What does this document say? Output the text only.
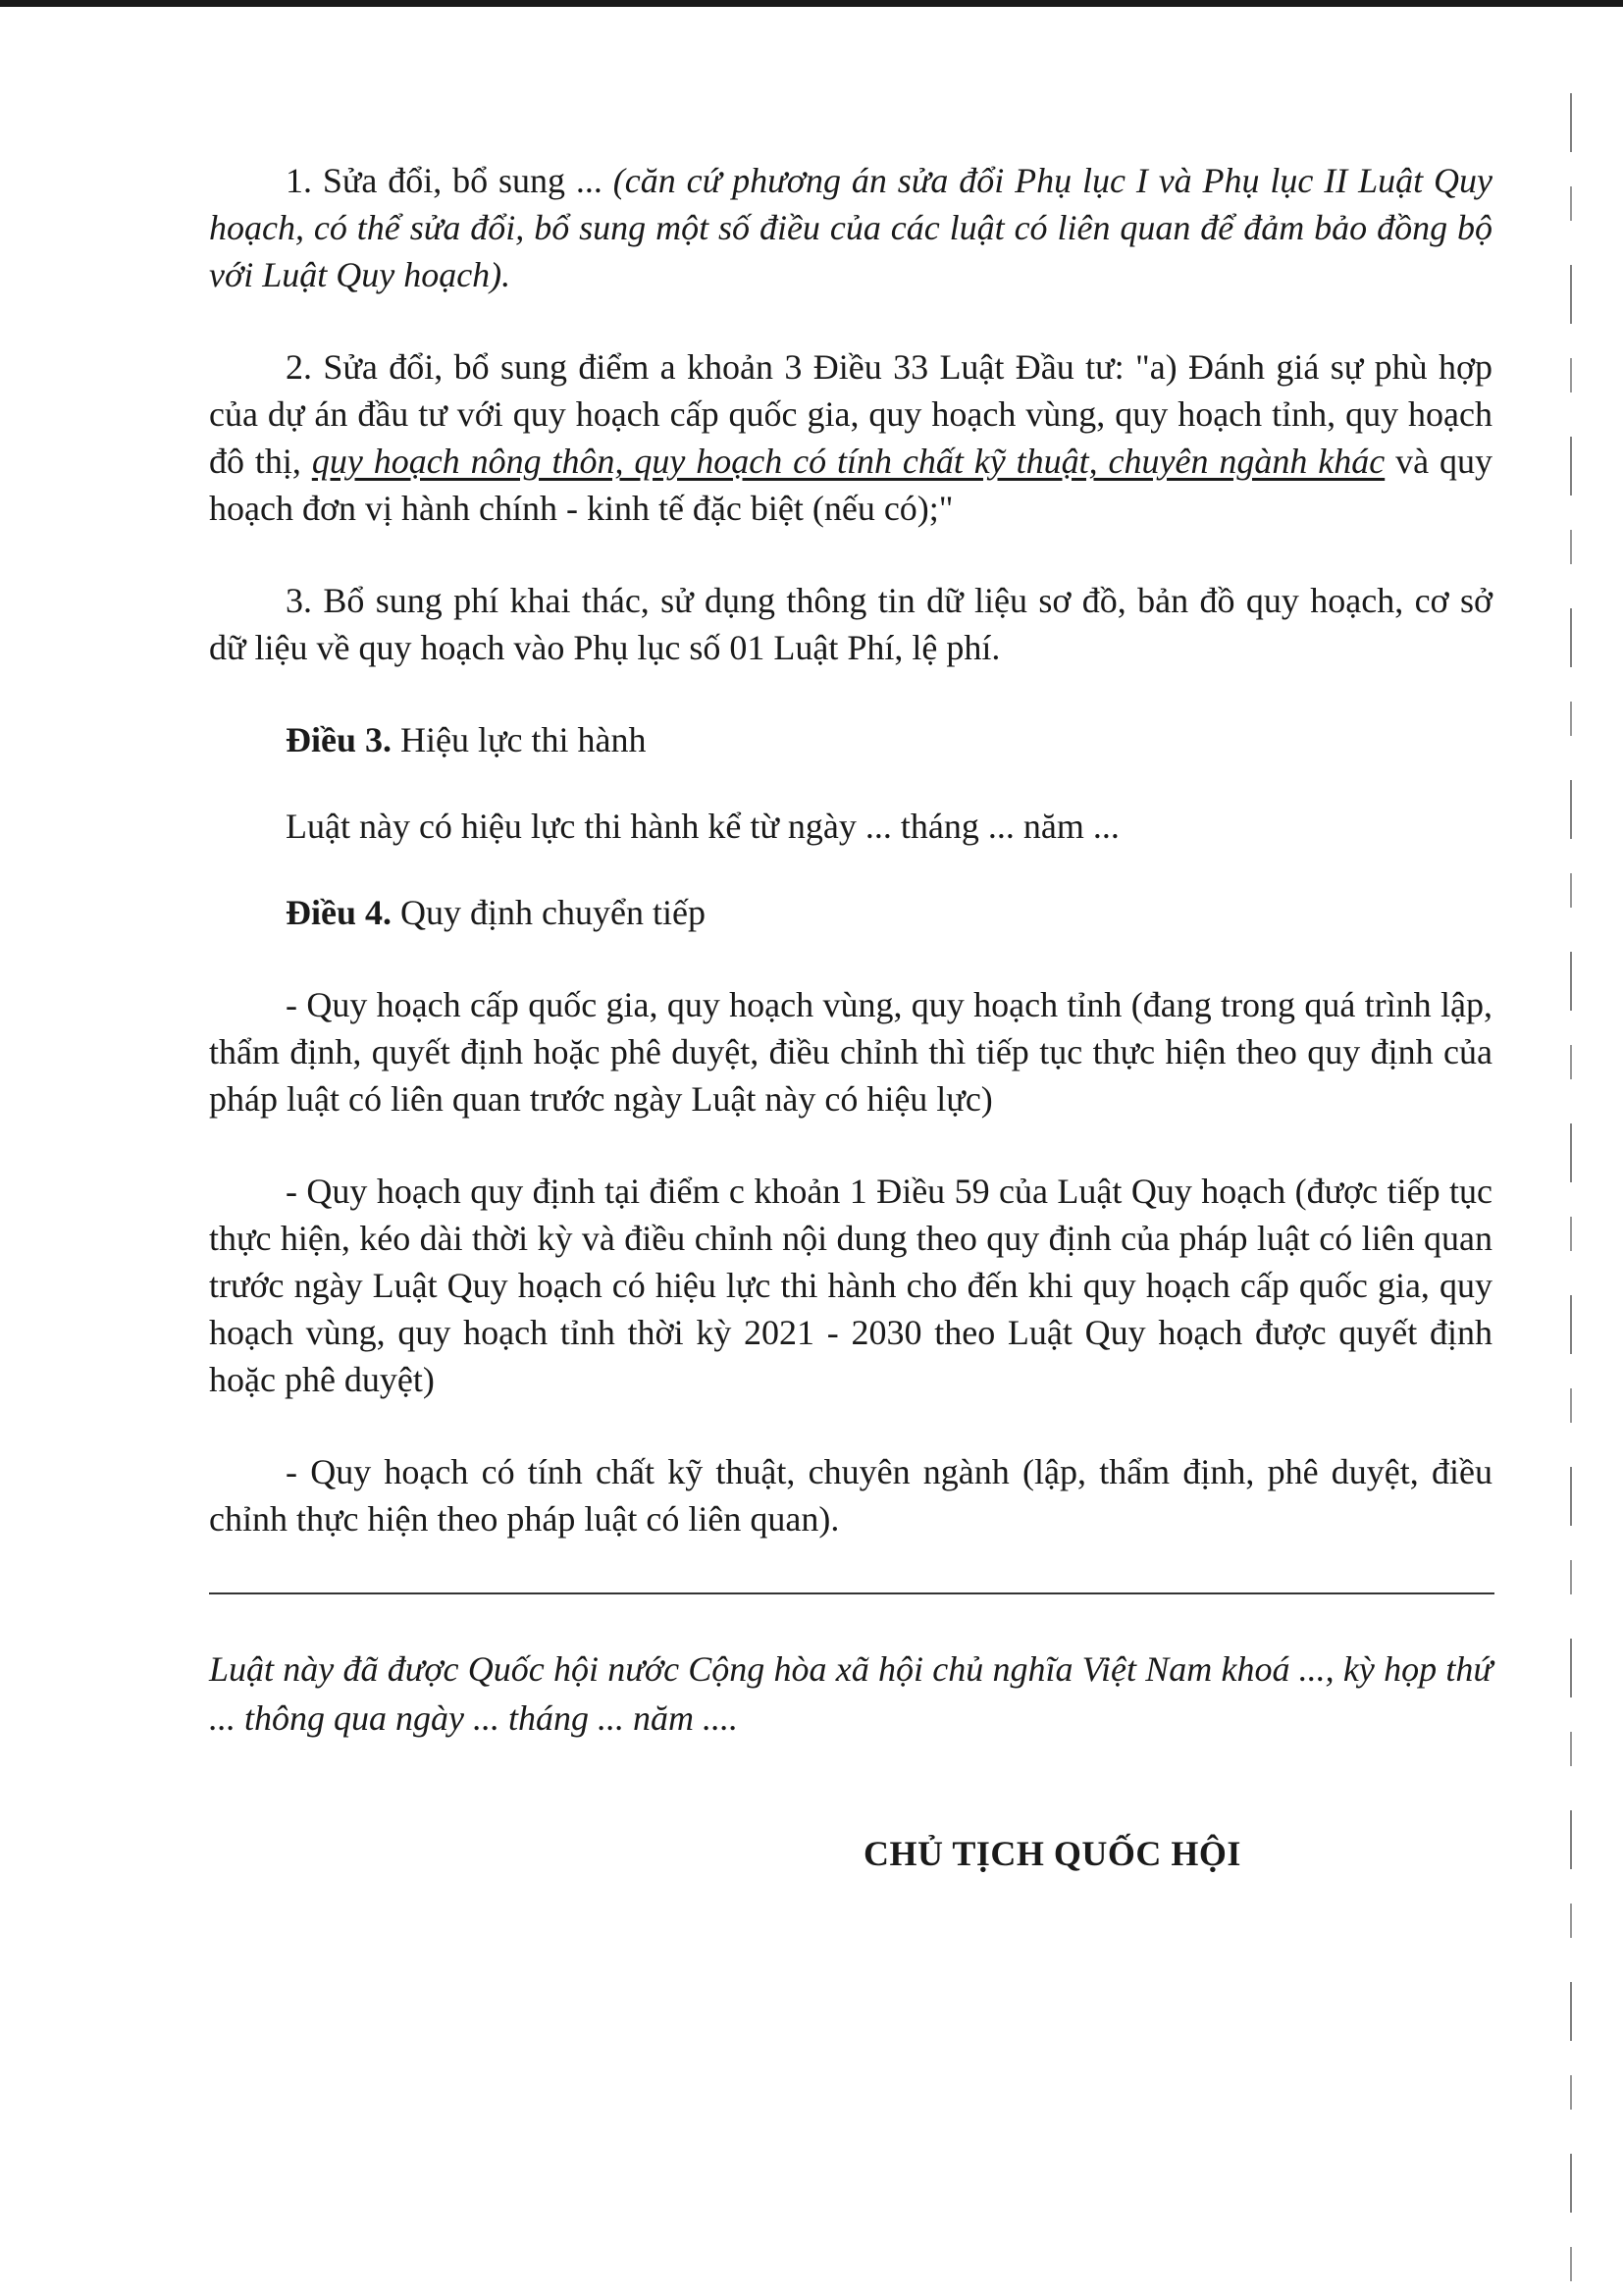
1. Sửa đổi, bổ sung ... (căn cứ phương án sửa đổi Phụ lục I và Phụ lục II Luật Quy hoạch, có thể sửa đổi, bổ sung một số điều của các luật có liên quan để đảm bảo đồng bộ với Luật Quy hoạch).

2. Sửa đổi, bổ sung điểm a khoản 3 Điều 33 Luật Đầu tư: "a) Đánh giá sự phù hợp của dự án đầu tư với quy hoạch cấp quốc gia, quy hoạch vùng, quy hoạch tỉnh, quy hoạch đô thị, quy hoạch nông thôn, quy hoạch có tính chất kỹ thuật, chuyên ngành khác và quy hoạch đơn vị hành chính - kinh tế đặc biệt (nếu có);"

3. Bổ sung phí khai thác, sử dụng thông tin dữ liệu sơ đồ, bản đồ quy hoạch, cơ sở dữ liệu về quy hoạch vào Phụ lục số 01 Luật Phí, lệ phí.

Điều 3. Hiệu lực thi hành

Luật này có hiệu lực thi hành kể từ ngày ... tháng ... năm ...

Điều 4. Quy định chuyển tiếp

- Quy hoạch cấp quốc gia, quy hoạch vùng, quy hoạch tỉnh (đang trong quá trình lập, thẩm định, quyết định hoặc phê duyệt, điều chỉnh thì tiếp tục thực hiện theo quy định của pháp luật có liên quan trước ngày Luật này có hiệu lực)

- Quy hoạch quy định tại điểm c khoản 1 Điều 59 của Luật Quy hoạch (được tiếp tục thực hiện, kéo dài thời kỳ và điều chỉnh nội dung theo quy định của pháp luật có liên quan trước ngày Luật Quy hoạch có hiệu lực thi hành cho đến khi quy hoạch cấp quốc gia, quy hoạch vùng, quy hoạch tỉnh thời kỳ 2021 - 2030 theo Luật Quy hoạch được quyết định hoặc phê duyệt)

- Quy hoạch có tính chất kỹ thuật, chuyên ngành (lập, thẩm định, phê duyệt, điều chỉnh thực hiện theo pháp luật có liên quan).

Luật này đã được Quốc hội nước Cộng hòa xã hội chủ nghĩa Việt Nam khoá ..., kỳ họp thứ ... thông qua ngày ... tháng ... năm ....
CHỦ TỊCH QUỐC HỘI
